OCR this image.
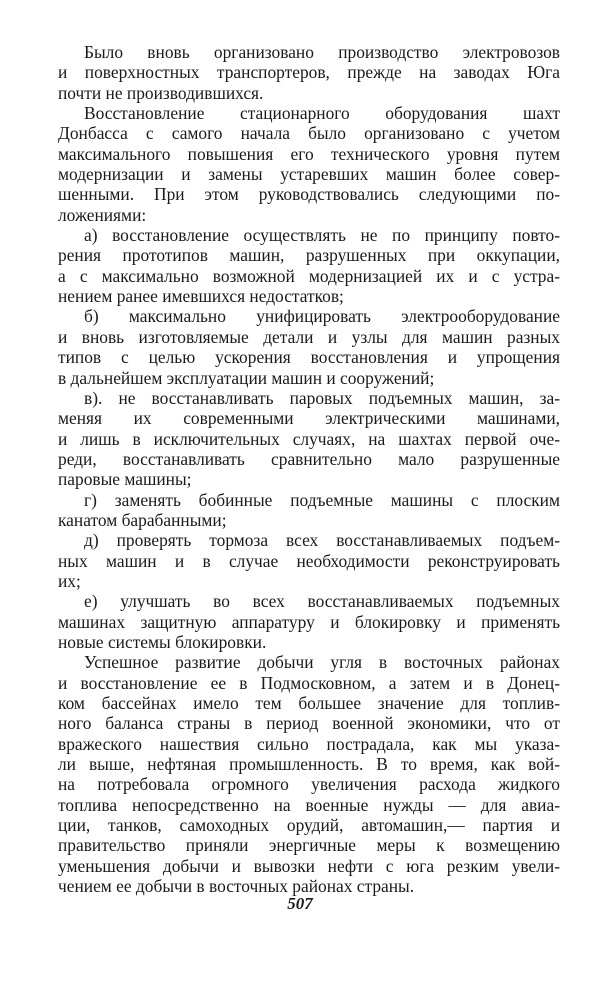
Было вновь организовано производство электровозов
и поверхностных транспортеров, прежде на заводах Юга
почти не производившихся.
Восстановление стационарного оборудования шахт
Донбасса с самого начала было организовано с учетом
максимального повышения его технического уровня путем
модернизации и замены устаревших машин более совер-
шенными. При этом руководствовались следующими по-
ложениями:
а) восстановление осуществлять не по принципу повто-
рения прототипов машин, разрушенных при оккупации,
а с максимально возможной модернизацией их и с устра-
нением ранее имевшихся недостатков;
б) максимально унифицировать электрооборудование
и вновь изготовляемые детали и узлы для машин разных
типов с целью ускорения восстановления и упрощения
в дальнейшем эксплуатации машин и сооружений;
в). не восстанавливать паровых подъемных машин, за-
меняя их современными электрическими машинами,
и лишь в исключительных случаях, на шахтах первой оче-
реди, восстанавливать сравнительно мало разрушенные
паровые машины;
г) заменять бобинные подъемные машины с плоским
канатом барабанными;
д) проверять тормоза всех восстанавливаемых подъем-
ных машин и в случае необходимости реконструировать
их;
е) улучшать во всех восстанавливаемых подъемных
машинах защитную аппаратуру и блокировку и применять
новые системы блокировки.
Успешное развитие добычи угля в восточных районах
и восстановление ее в Подмосковном, а затем и в Донец-
ком бассейнах имело тем большее значение для топлив-
ного баланса страны в период военной экономики, что от
вражеского нашествия сильно пострадала, как мы указа-
ли выше, нефтяная промышленность. В то время, как вой-
на потребовала огромного увеличения расхода жидкого
топлива непосредственно на военные нужды — для авиа-
ции, танков, самоходных орудий, автомашин,— партия и
правительство приняли энергичные меры к возмещению
уменьшения добычи и вывозки нефти с юга резким увели-
чением ее добычи в восточных районах страны.
507
